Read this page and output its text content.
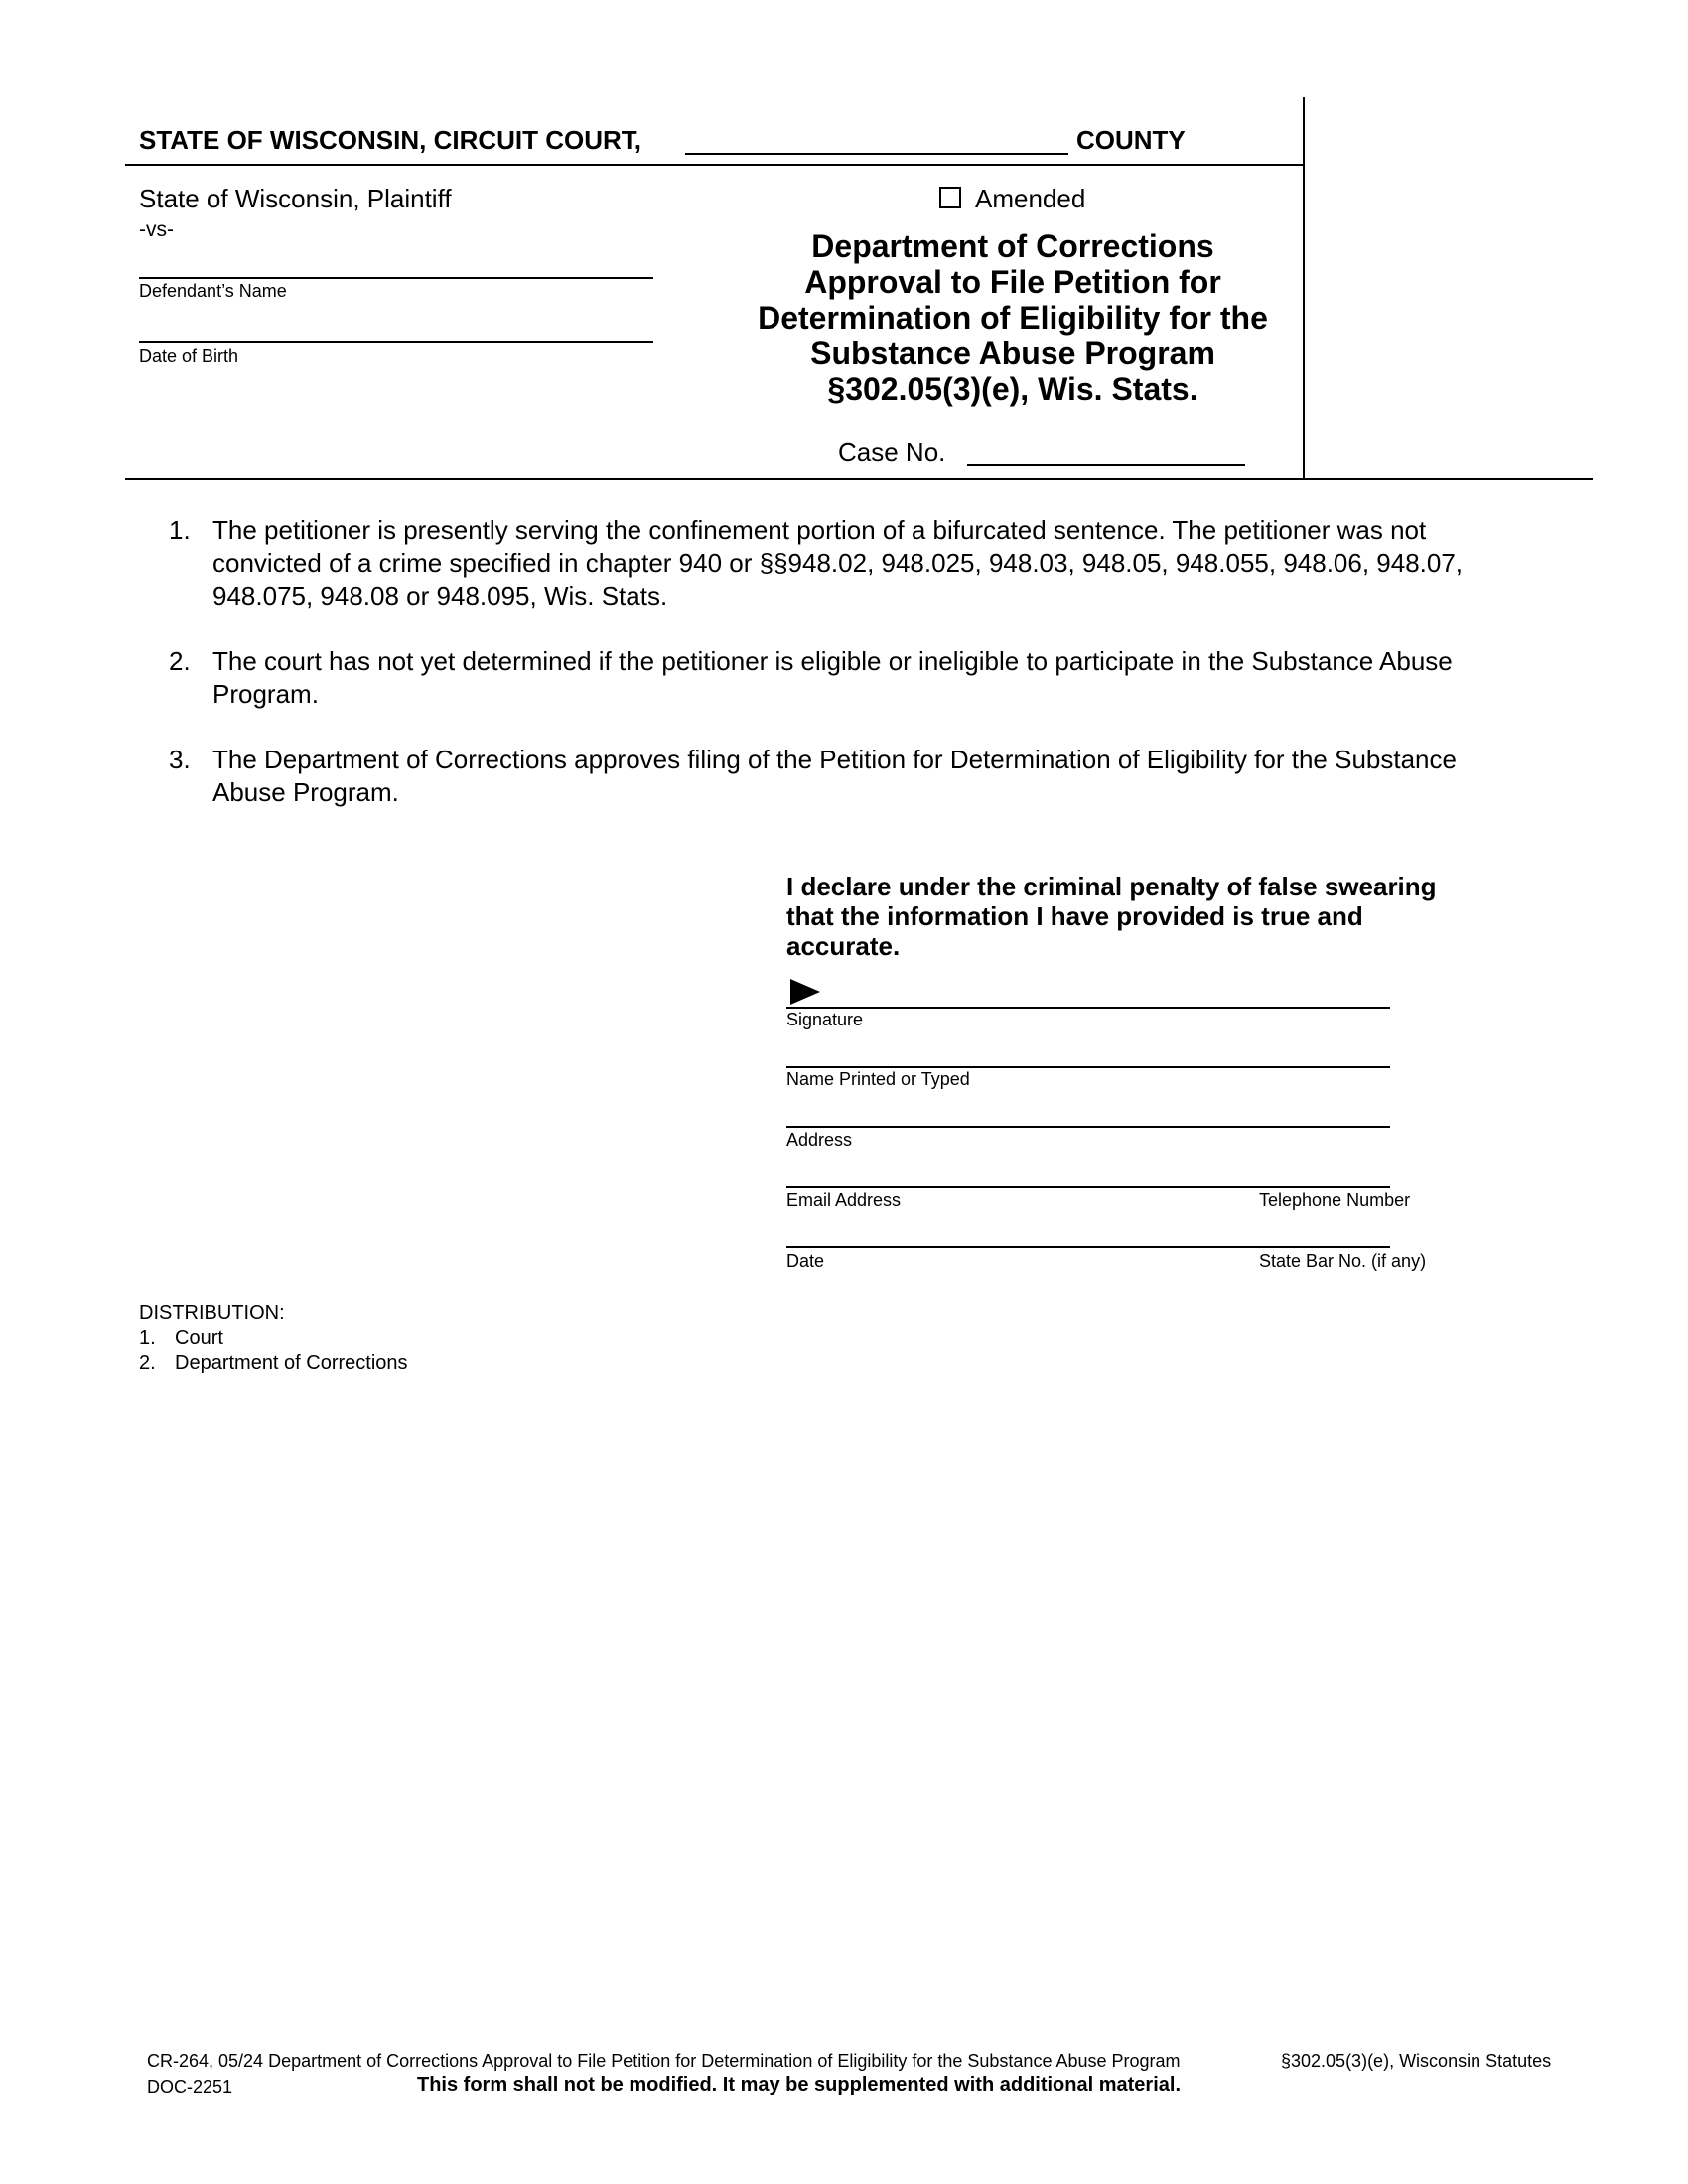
STATE OF WISCONSIN, CIRCUIT COURT,	COUNTY
State of Wisconsin, Plaintiff
-vs-
Defendant’s Name
Date of Birth
Amended
Department of Corrections
Approval to File Petition for
Determination of Eligibility for the
Substance Abuse Program
§302.05(3)(e), Wis. Stats.
Case No.
1. The petitioner is presently serving the confinement portion of a bifurcated sentence. The petitioner was not
convicted of a crime specified in chapter 940 or §§948.02, 948.025, 948.03, 948.05, 948.055, 948.06, 948.07,
948.075, 948.08 or 948.095, Wis. Stats.
2. The court has not yet determined if the petitioner is eligible or ineligible to participate in the Substance Abuse
Program.
3. The Department of Corrections approves filing of the Petition for Determination of Eligibility for the Substance
Abuse Program.
I declare under the criminal penalty of false swearing
that the information I have provided is true and
accurate.
Signature
Name Printed or Typed
Address
Email Address	Telephone Number
Date	State Bar No. (if any)
DISTRIBUTION:
1. Court
2. Department of Corrections
CR-264, 05/24 Department of Corrections Approval to File Petition for Determination of Eligibility for the Substance Abuse Program	§302.05(3)(e), Wisconsin Statutes
DOC-2251	This form shall not be modified. It may be supplemented with additional material.
